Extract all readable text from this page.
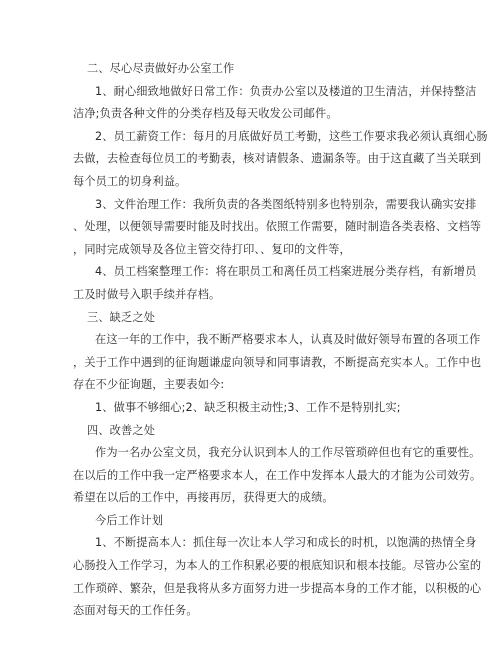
二、尽心尽责做好办公室工作
1、耐心细致地做好日常工作：负责办公室以及楼道的卫生清洁，并保持整洁
洁净;负责各种文件的分类存档及每天收发公司邮件。
2、员工薪资工作：每月的月底做好员工考勤，这些工作要求我必须认真细心肠
去做，去检查每位员工的考勤表，核对请假条、遗漏条等。由于这直藏了当关联到
每个员工的切身利益。
3、文件治理工作：我所负责的各类图纸特别多也特别杂，需要我认确实安排
、处理，以便领导需要时能及时找出。依照工作需要，随时制造各类表格、文档等
，同时完成领导及各位主管交待打印、、复印的文件等，
4、员工档案整理工作：将在职员工和离任员工档案进展分类存档，有新增员
工及时做号入职手续并存档。
三、缺乏之处
在这一年的工作中，我不断严格要求本人，认真及时做好领导布置的各项工作
，关于工作中遇到的征询题谦虚向领导和同事请教，不断提高充实本人。工作中也
存在不少征询题，主要表如今:
1、做事不够细心;2、缺乏积极主动性;3、工作不是特别扎实;
四、改善之处
作为一名办公室文员，我充分认识到本人的工作尽管琐碎但也有它的重要性。
在以后的工作中我一定严格要求本人，在工作中发挥本人最大的才能为公司效劳。
希望在以后的工作中，再接再厉，获得更大的成绩。
今后工作计划
1、不断提高本人：抓住每一次让本人学习和成长的时机，以饱满的热情全身
心肠投入工作学习，为本人的工作积累必要的根底知识和根本技能。尽管办公室的
工作琐碎、繁杂，但是我将从多方面努力进一步提高本身的工作才能，以积极的心
态面对每天的工作任务。
